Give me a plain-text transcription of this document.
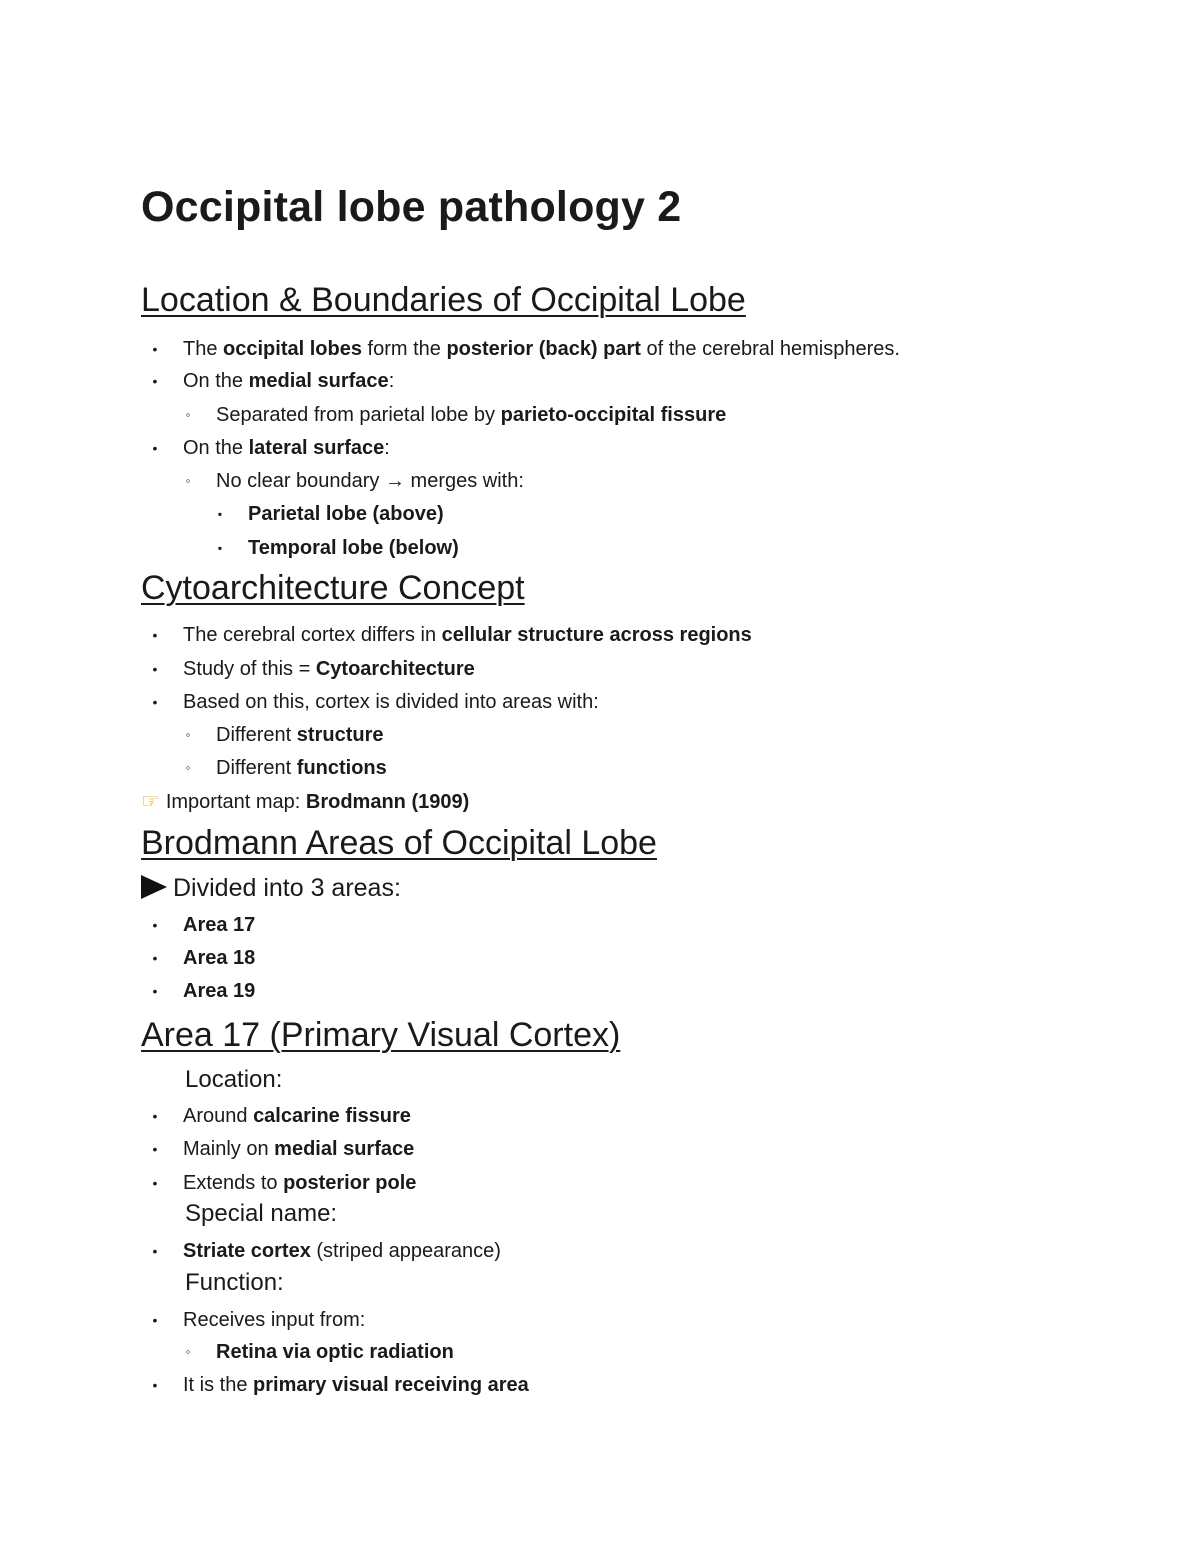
Occipital lobe pathology 2
Location & Boundaries of Occipital Lobe
• The occipital lobes form the posterior (back) part of the cerebral hemispheres.
• On the medial surface:
◦ Separated from parietal lobe by parieto-occipital fissure
• On the lateral surface:
◦ No clear boundary → merges with:
▪ Parietal lobe (above)
▪ Temporal lobe (below)
Cytoarchitecture Concept
• The cerebral cortex differs in cellular structure across regions
• Study of this = Cytoarchitecture
• Based on this, cortex is divided into areas with:
◦ Different structure
◦ Different functions
☞ Important map: Brodmann (1909)
Brodmann Areas of Occipital Lobe
Divided into 3 areas:
• Area 17
• Area 18
• Area 19
Area 17 (Primary Visual Cortex)
Location:
• Around calcarine fissure
• Mainly on medial surface
• Extends to posterior pole
Special name:
• Striate cortex (striped appearance)
Function:
• Receives input from:
◦ Retina via optic radiation
• It is the primary visual receiving area
